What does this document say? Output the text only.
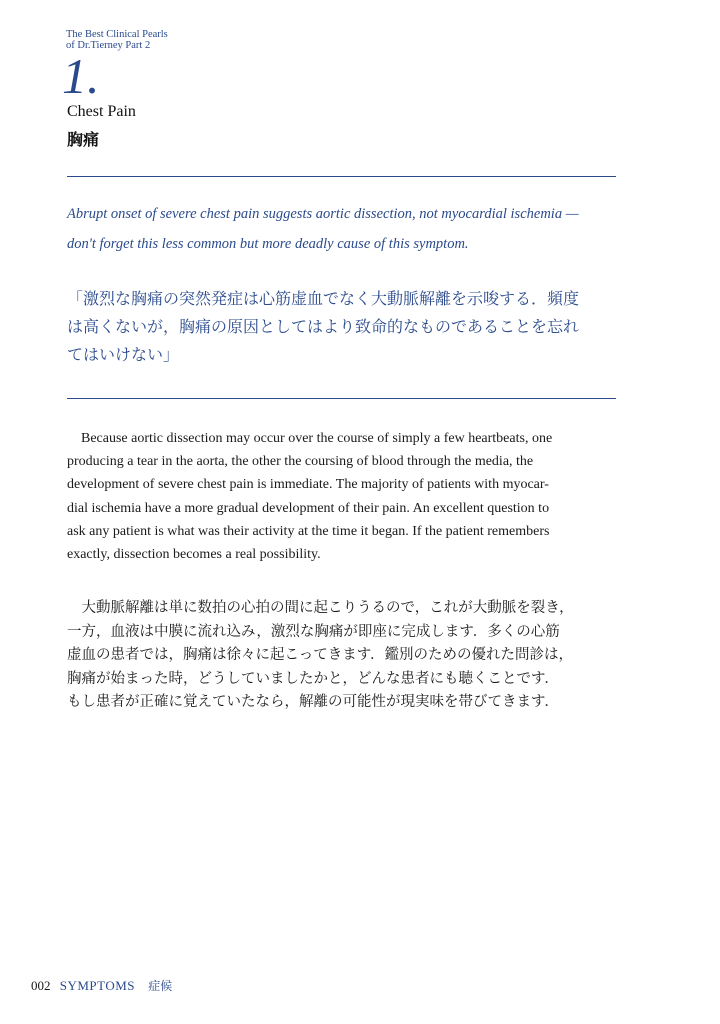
The Best Clinical Pearls
of Dr.Tierney Part 2
1.
Chest Pain
胸痛
Abrupt onset of severe chest pain suggests aortic dissection, not myocardial ischemia —
don't forget this less common but more deadly cause of this symptom.
「激烈な胸痛の突然発症は心筋虚血でなく大動脈解離を示唆する．頻度
は高くないが，胸痛の原因としてはより致命的なものであることを忘れ
てはいけない」
Because aortic dissection may occur over the course of simply a few heartbeats, one
producing a tear in the aorta, the other the coursing of blood through the media, the
development of severe chest pain is immediate. The majority of patients with myocar-
dial ischemia have a more gradual development of their pain. An excellent question to
ask any patient is what was their activity at the time it began. If the patient remembers
exactly, dissection becomes a real possibility.
　大動脈解離は単に数拍の心拍の間に起こりうるので，これが大動脈を裂き，
一方，血液は中膜に流れ込み，激烈な胸痛が即座に完成します．多くの心筋
虚血の患者では，胸痛は徐々に起こってきます．鑑別のための優れた問診は，
胸痛が始まった時，どうしていましたかと，どんな患者にも聴くことです．
もし患者が正確に覚えていたなら，解離の可能性が現実味を帯びてきます．
002 SYMPTOMS 症候
